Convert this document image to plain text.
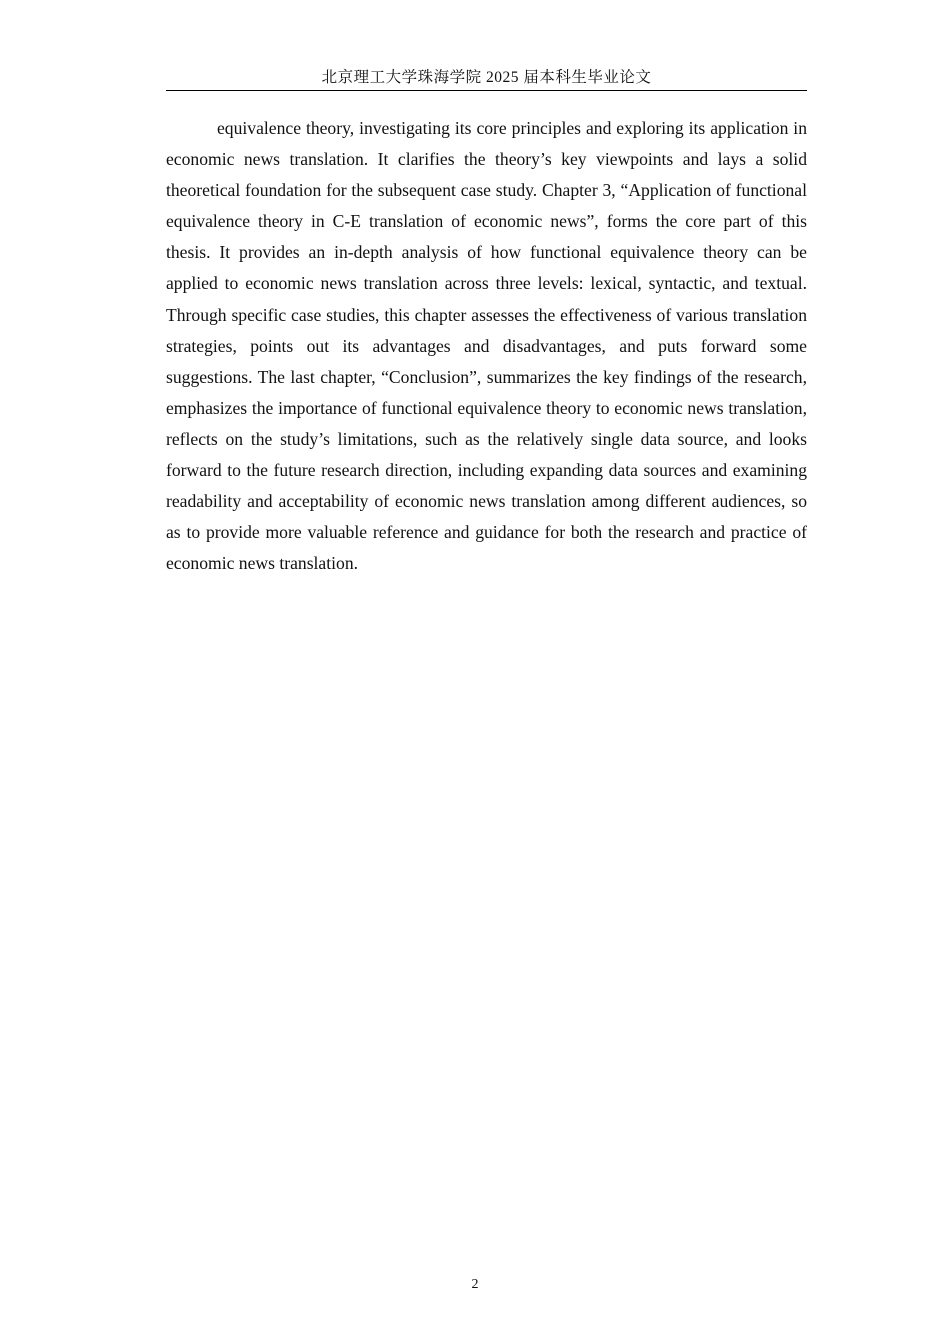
北京理工大学珠海学院 2025 届本科生毕业论文

equivalence theory, investigating its core principles and exploring its application in economic news translation. It clarifies the theory’s key viewpoints and lays a solid theoretical foundation for the subsequent case study. Chapter 3, “Application of functional equivalence theory in C-E translation of economic news”, forms the core part of this thesis. It provides an in-depth analysis of how functional equivalence theory can be applied to economic news translation across three levels: lexical, syntactic, and textual. Through specific case studies, this chapter assesses the effectiveness of various translation strategies, points out its advantages and disadvantages, and puts forward some suggestions. The last chapter, “Conclusion”, summarizes the key findings of the research, emphasizes the importance of functional equivalence theory to economic news translation, reflects on the study’s limitations, such as the relatively single data source, and looks forward to the future research direction, including expanding data sources and examining readability and acceptability of economic news translation among different audiences, so as to provide more valuable reference and guidance for both the research and practice of economic news translation.

2
